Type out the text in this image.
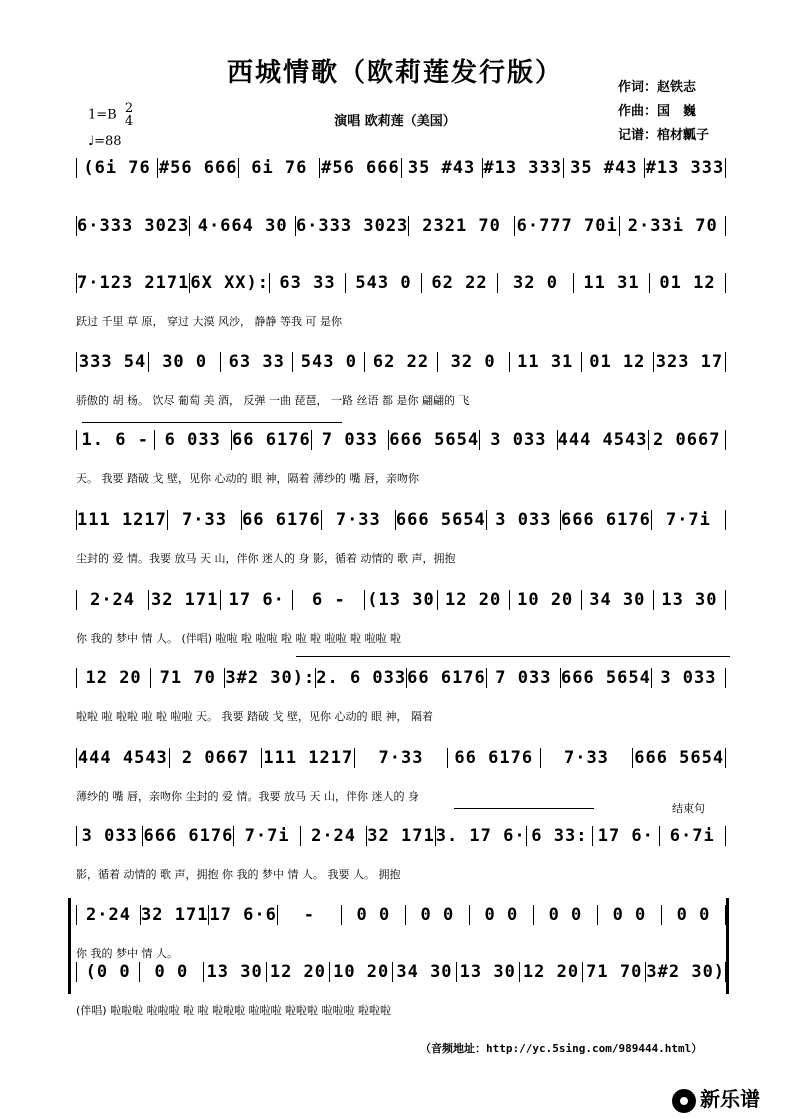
西城情歌（欧莉莲发行版）	作词：赵铁志
作曲：国　巍
记谱：棺材瓤子
演唱 欧莉莲（美国）
1=B 2
4
♩=88
(6i 76 #56 666 6i 76 #56 666 35 #43 #13 333 35 #43 #13 333
6·333 3023 4·664 30 6·333 3023 2321 70 6·777 70i 2·33i 70
7·123 2171 6X XX): 63 33	543 0	62 22	32 0	11 31	01 12
跃过 千里 草 原， 穿过 大漠 风沙， 静静 等我 可 是你
333 54 30 0	63 33 543 0 62 22	32 0	11 31 01 12 323 17
骄傲的 胡 杨。 饮尽 葡萄 美 酒， 反弹 一曲 琵琶， 一路 丝语 都 是你 翩翩的 飞
1. 6 - 6 033 66 6176 7 033 666 5654 3 033 444 4543 2 0667
天。 我要 踏破 戈 壁，见你 心动的 眼 神，隔着 薄纱的 嘴 唇，亲吻你
111 1217 7·33 66 6176 7·33 666 5654 3 033 666 6176 7·7i
尘封的 爱 情。我要 放马 天 山，伴你 迷人的 身 影，循着 动情的 歌 声，拥抱
2·24 32 171 17 6·	6 -	(13 30 12 20 10 20 34 30 13 30
你 我的 梦中 情 人。 (伴唱) 啦啦 啦 啦啦 啦 啦 啦 啦啦 啦 啦啦 啦
12 20	71 70 3#2 30): 2. 6 033 66 6176 7 033 666 5654 3 033
啦啦 啦 啦啦 啦 啦 啦啦 天。 我要 踏破 戈 壁，见你 心动的 眼 神， 隔着
444 4543 2 0667 111 1217	7·33	66 6176	7·33	666 5654
薄纱的 嘴 唇，亲吻你 尘封的 爱 情。我要 放马 天 山，伴你 迷人的 身
3 033 666 6176 7·7i	2·24 32 171 3. 17 6· 6 33: 17 6· 6·7i
影，循着 动情的 歌 声，拥抱 你 我的 梦中 情 人。 我要 人。 拥抱
2·24 32 171 17 6·6	-	0 0	0 0	0 0	0 0	0 0	0 0
你 我的 梦中 情 人。
(0 0	0 0	13 30 12 20 10 20 34 30 13 30 12 20 71 70 3#2 30)
(伴唱) 啦啦啦 啦啦啦 啦 啦 啦啦啦 啦啦啦 啦啦啦 啦啦啦 啦啦啦
结束句
（音频地址：http://yc.5sing.com/989444.html）
新乐谱
